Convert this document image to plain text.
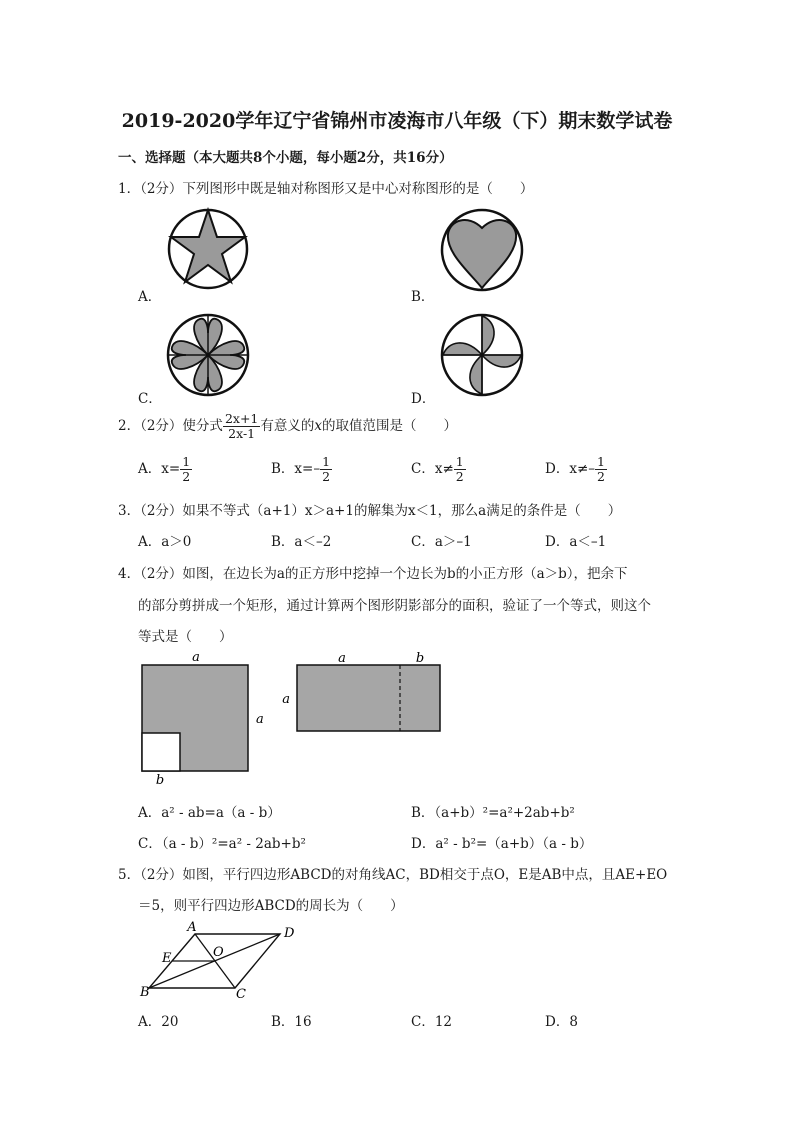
2019-2020学年辽宁省锦州市凌海市八年级（下）期末数学试卷
一、选择题（本大题共8个小题，每小题2分，共16分）
1．（2分）下列图形中既是轴对称图形又是中心对称图形的是（　　）
A．	B．
C．	D．
2．（2分）使分式 $\frac{2x+1}{2x-1}$ 有意义的x的取值范围是（　　）
A．$x= \frac{1}{2}$	B．$x=- \frac{1}{2}$	C．$x\ne \frac{1}{2}$	D．$x\ne- \frac{1}{2}$
3．（2分）如果不等式（a+1）x＞a+1的解集为x＜1，那么a满足的条件是（　　）
A．a＞0	B．a＜–2	C．a＞–1	D．a＜–1
4．（2分）如图，在边长为a的正方形中挖掉一个边长为b的小正方形（a＞b），把余下
的部分剪拼成一个矩形，通过计算两个图形阴影部分的面积，验证了一个等式，则这个
等式是（　　）
a
a
b
a	b
a
A．a² - ab=a（a - b）	B．（a+b）²=a²+2ab+b²
C．（a - b）²=a² - 2ab+b²	D．a² - b²=（a+b）（a - b）
5．（2分）如图，平行四边形ABCD的对角线AC，BD相交于点O，E是AB中点，且AE+EO
＝5，则平行四边形ABCD的周长为（　　）
A
B	C
D
E	O
A．20	B．16	C．12	D．8
